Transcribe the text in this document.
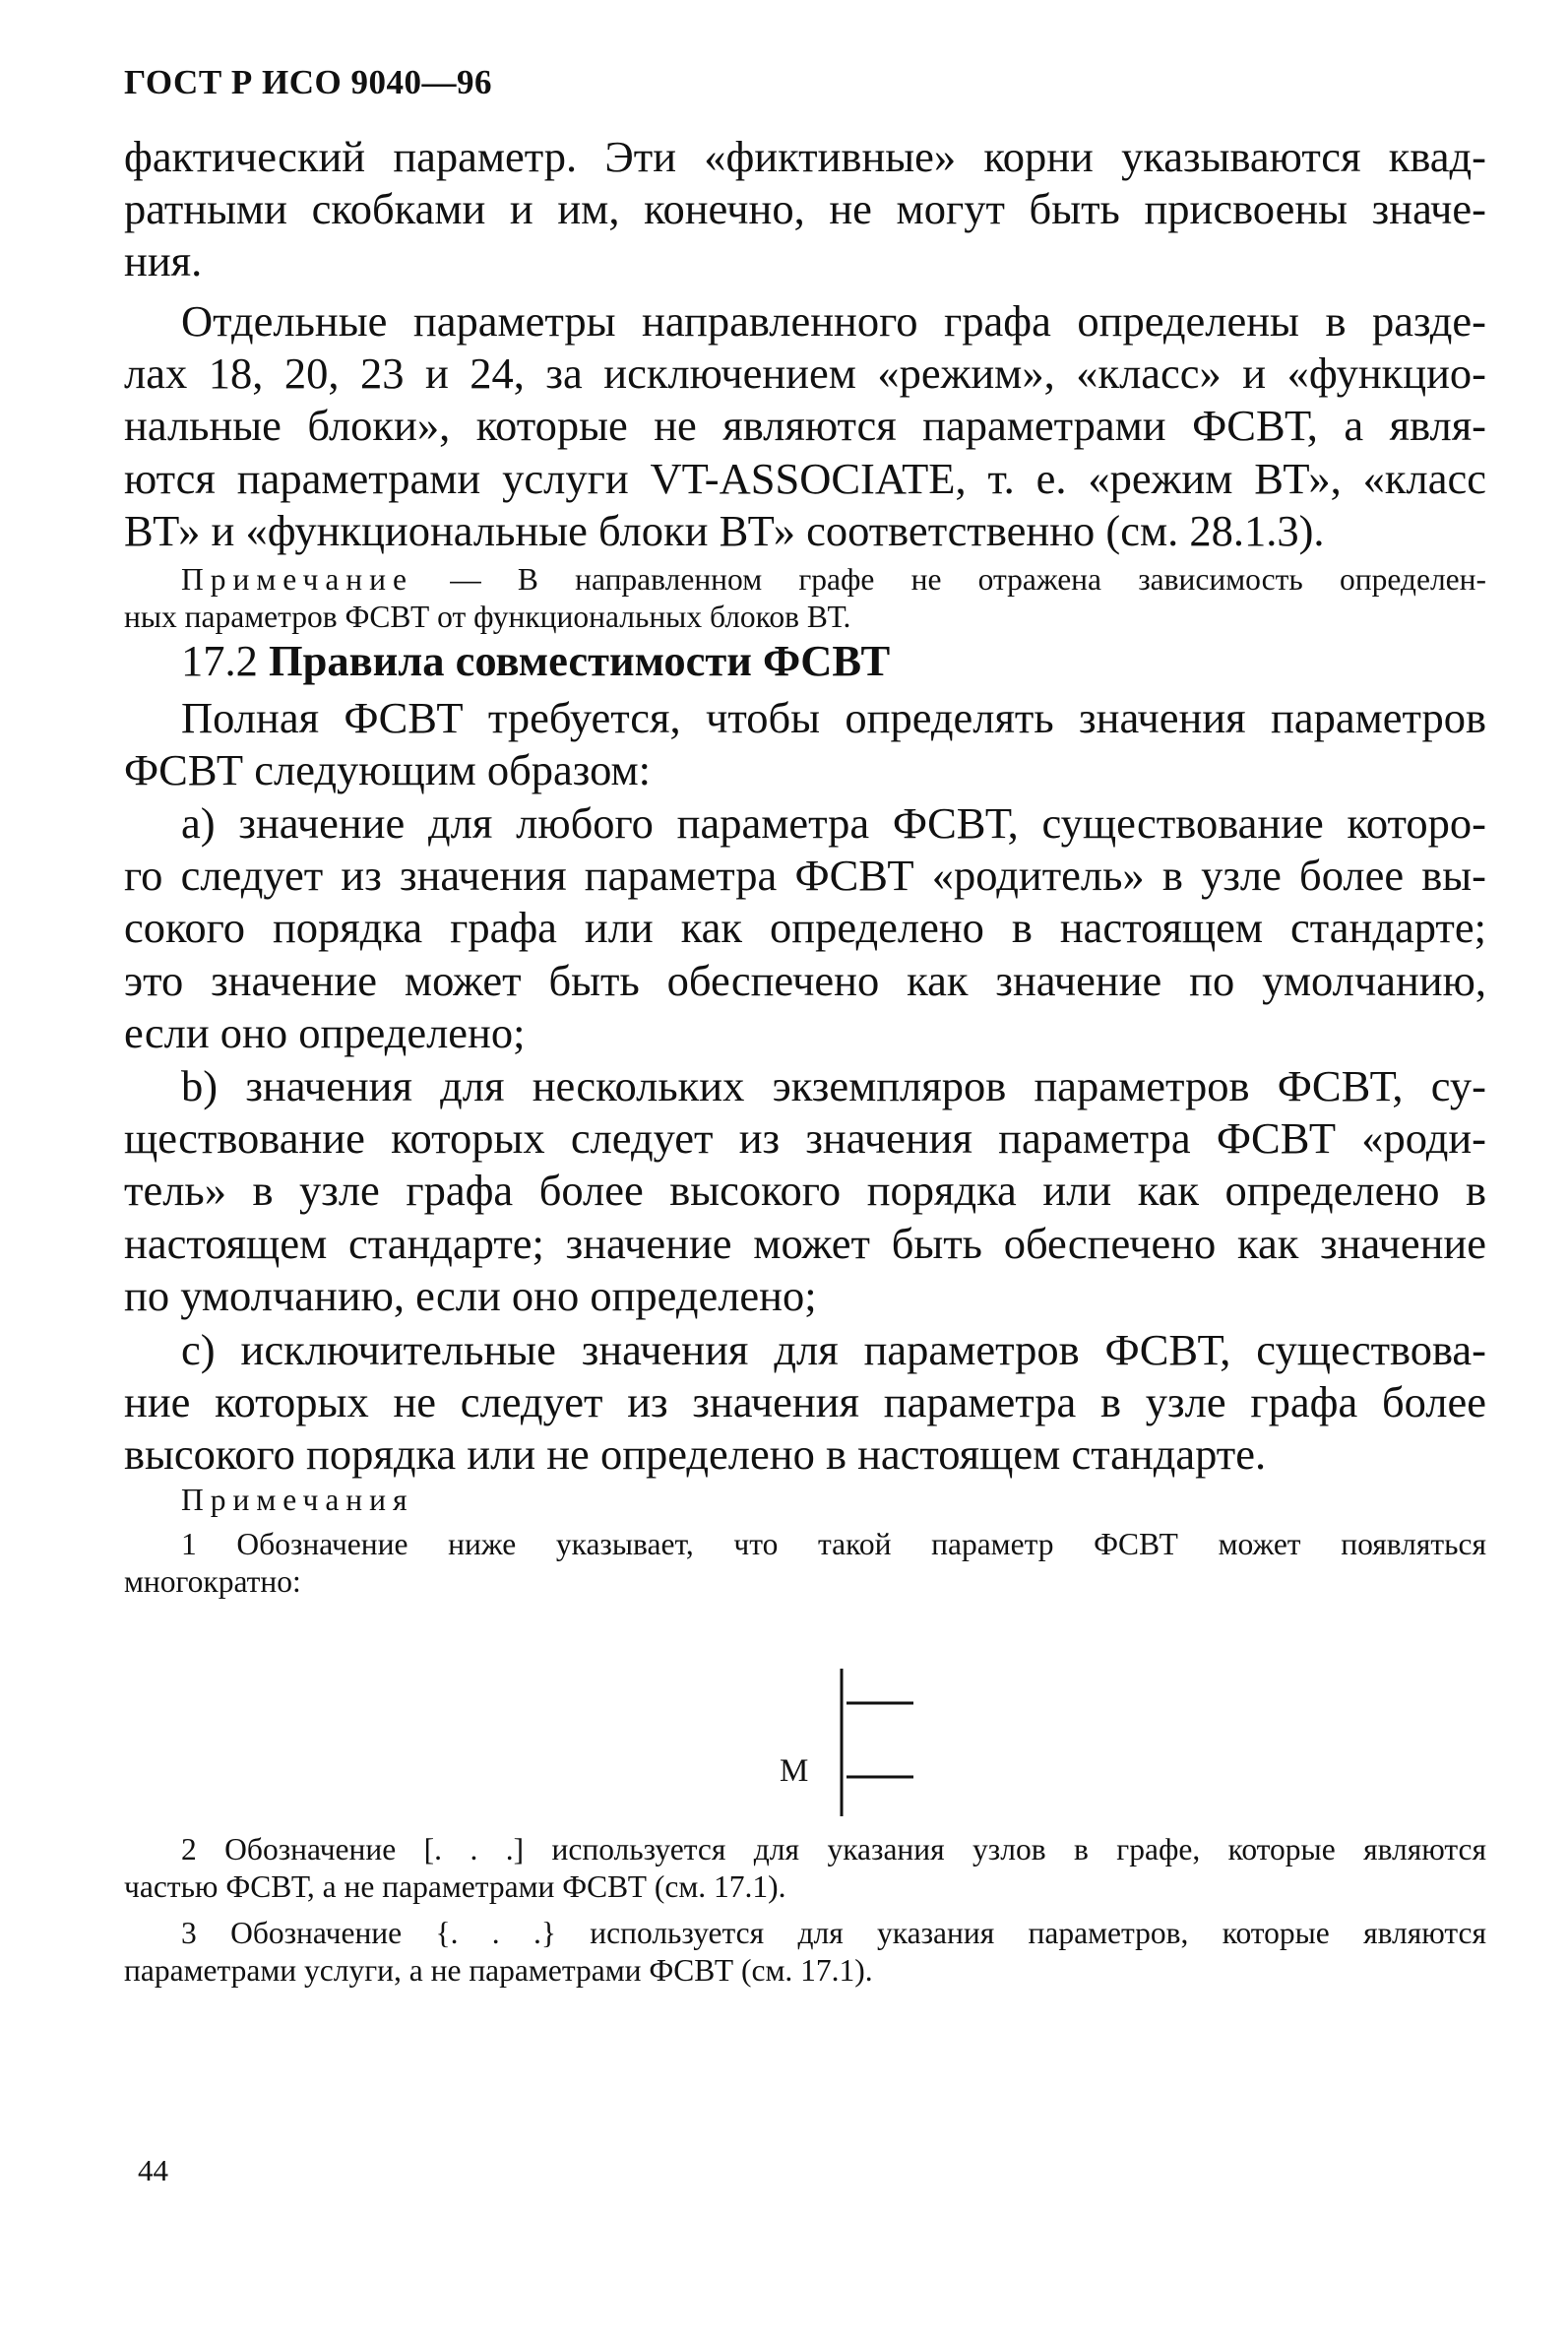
ГОСТ Р ИСО 9040—96

фактический параметр. Эти «фиктивные» корни указываются квад-
ратными скобками и им, конечно, не могут быть присвоены значе-
ния.

Отдельные параметры направленного графа определены в разде-
лах 18, 20, 23 и 24, за исключением «режим», «класс» и «функцио-
нальные блоки», которые не являются параметрами ФСВТ, а явля-
ются параметрами услуги VT-ASSOCIATE, т. е. «режим ВТ», «класс
ВТ» и «функциональные блоки ВТ» соответственно (см. 28.1.3).

Примечание — В направленном графе не отражена зависимость определен-
ных параметров ФСВТ от функциональных блоков ВТ.

17.2 Правила совместимости ФСВТ

Полная ФСВТ требуется, чтобы определять значения параметров
ФСВТ следующим образом:

а) значение для любого параметра ФСВТ, существование которо-
го следует из значения параметра ФСВТ «родитель» в узле более вы-
сокого порядка графа или как определено в настоящем стандарте;
это значение может быть обеспечено как значение по умолчанию,
если оно определено;

b) значения для нескольких экземпляров параметров ФСВТ, су-
ществование которых следует из значения параметра ФСВТ «роди-
тель» в узле графа более высокого порядка или как определено в
настоящем стандарте; значение может быть обеспечено как значение
по умолчанию, если оно определено;

с) исключительные значения для параметров ФСВТ, существова-
ние которых не следует из значения параметра в узле графа более
высокого порядка или не определено в настоящем стандарте.

Примечания

1 Обозначение ниже указывает, что такой параметр ФСВТ может появляться
многократно:

М

2 Обозначение [. . .] используется для указания узлов в графе, которые являются
частью ФСВТ, а не параметрами ФСВТ (см. 17.1).

3 Обозначение {. . .} используется для указания параметров, которые являются
параметрами услуги, а не параметрами ФСВТ (см. 17.1).

44
